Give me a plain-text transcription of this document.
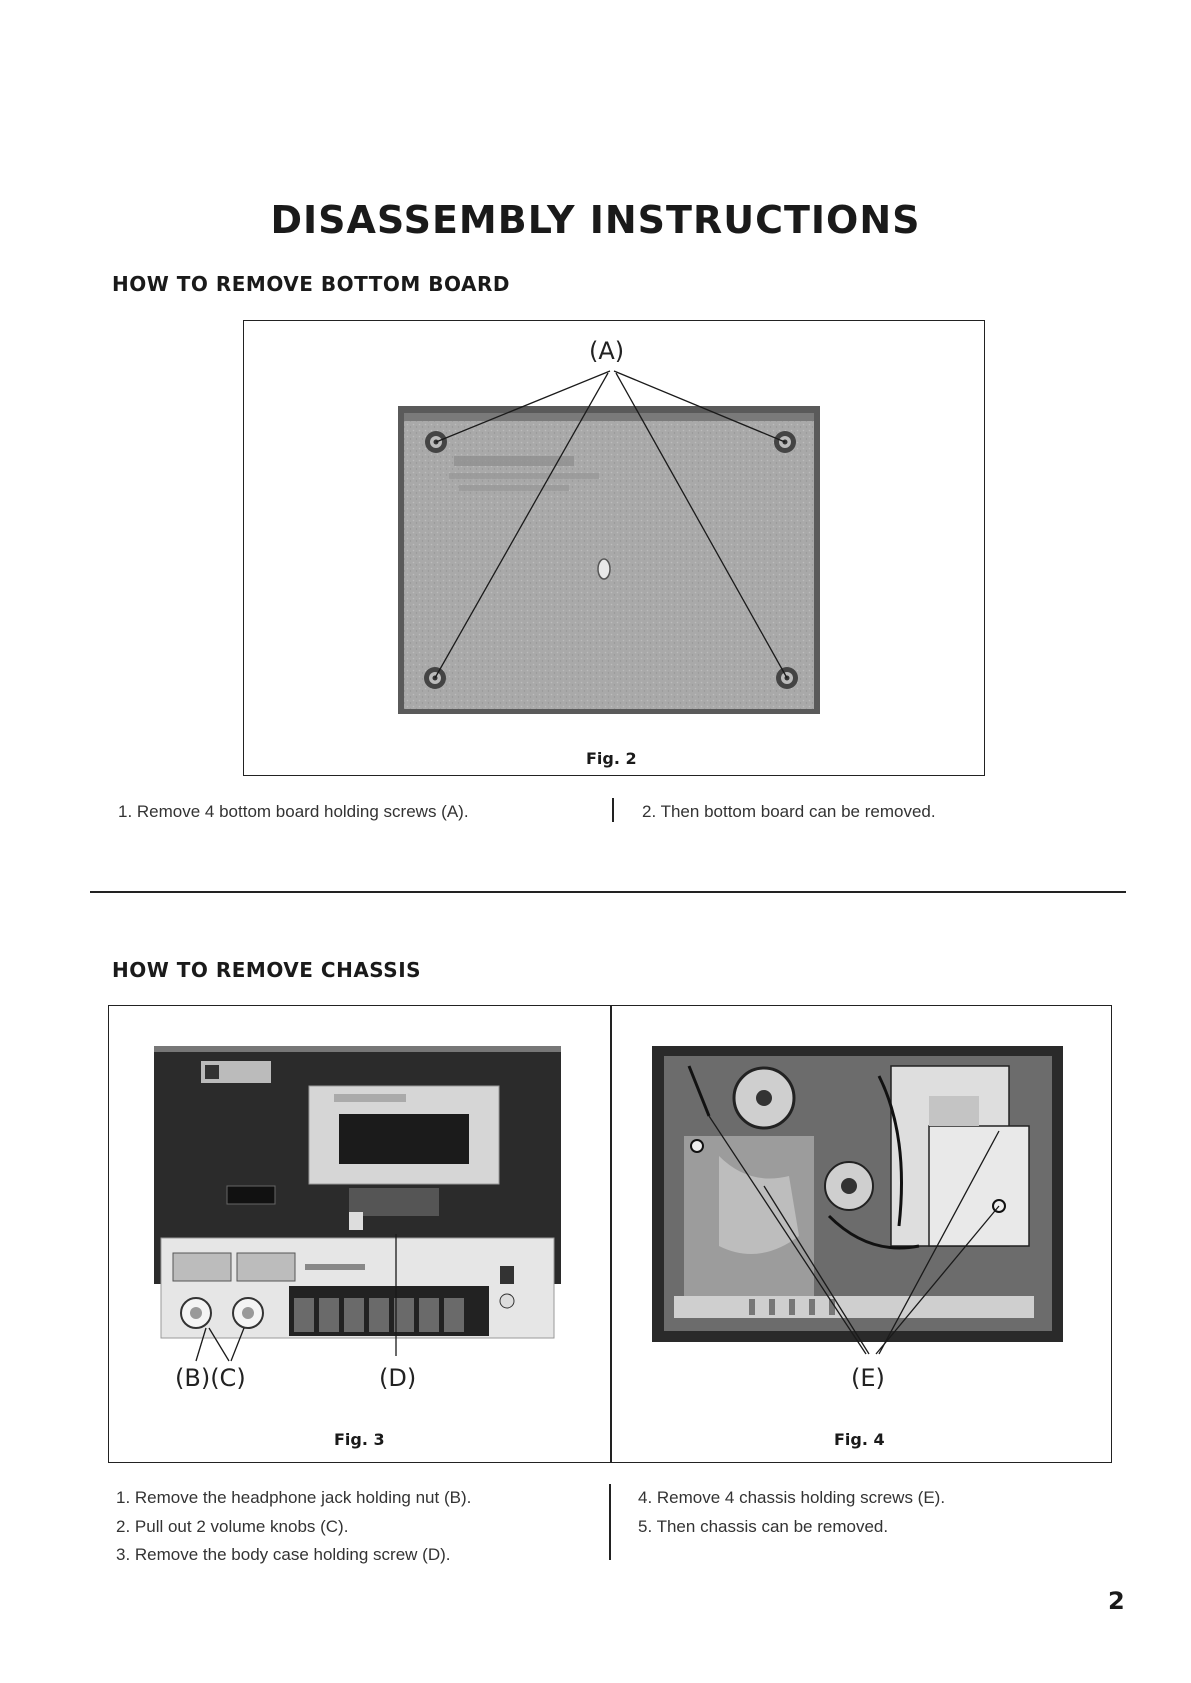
DISASSEMBLY INSTRUCTIONS
HOW TO REMOVE BOTTOM BOARD
(A)
Fig. 2
1. Remove 4 bottom board holding screws (A).	2. Then bottom board can be removed.
HOW TO REMOVE CHASSIS
(B)(C)	(D)
Fig. 3
(E)
Fig. 4
1. Remove the headphone jack holding nut (B).
2. Pull out 2 volume knobs (C).
3. Remove the body case holding screw (D).
4. Remove 4 chassis holding screws (E).
5. Then chassis can be removed.
2
